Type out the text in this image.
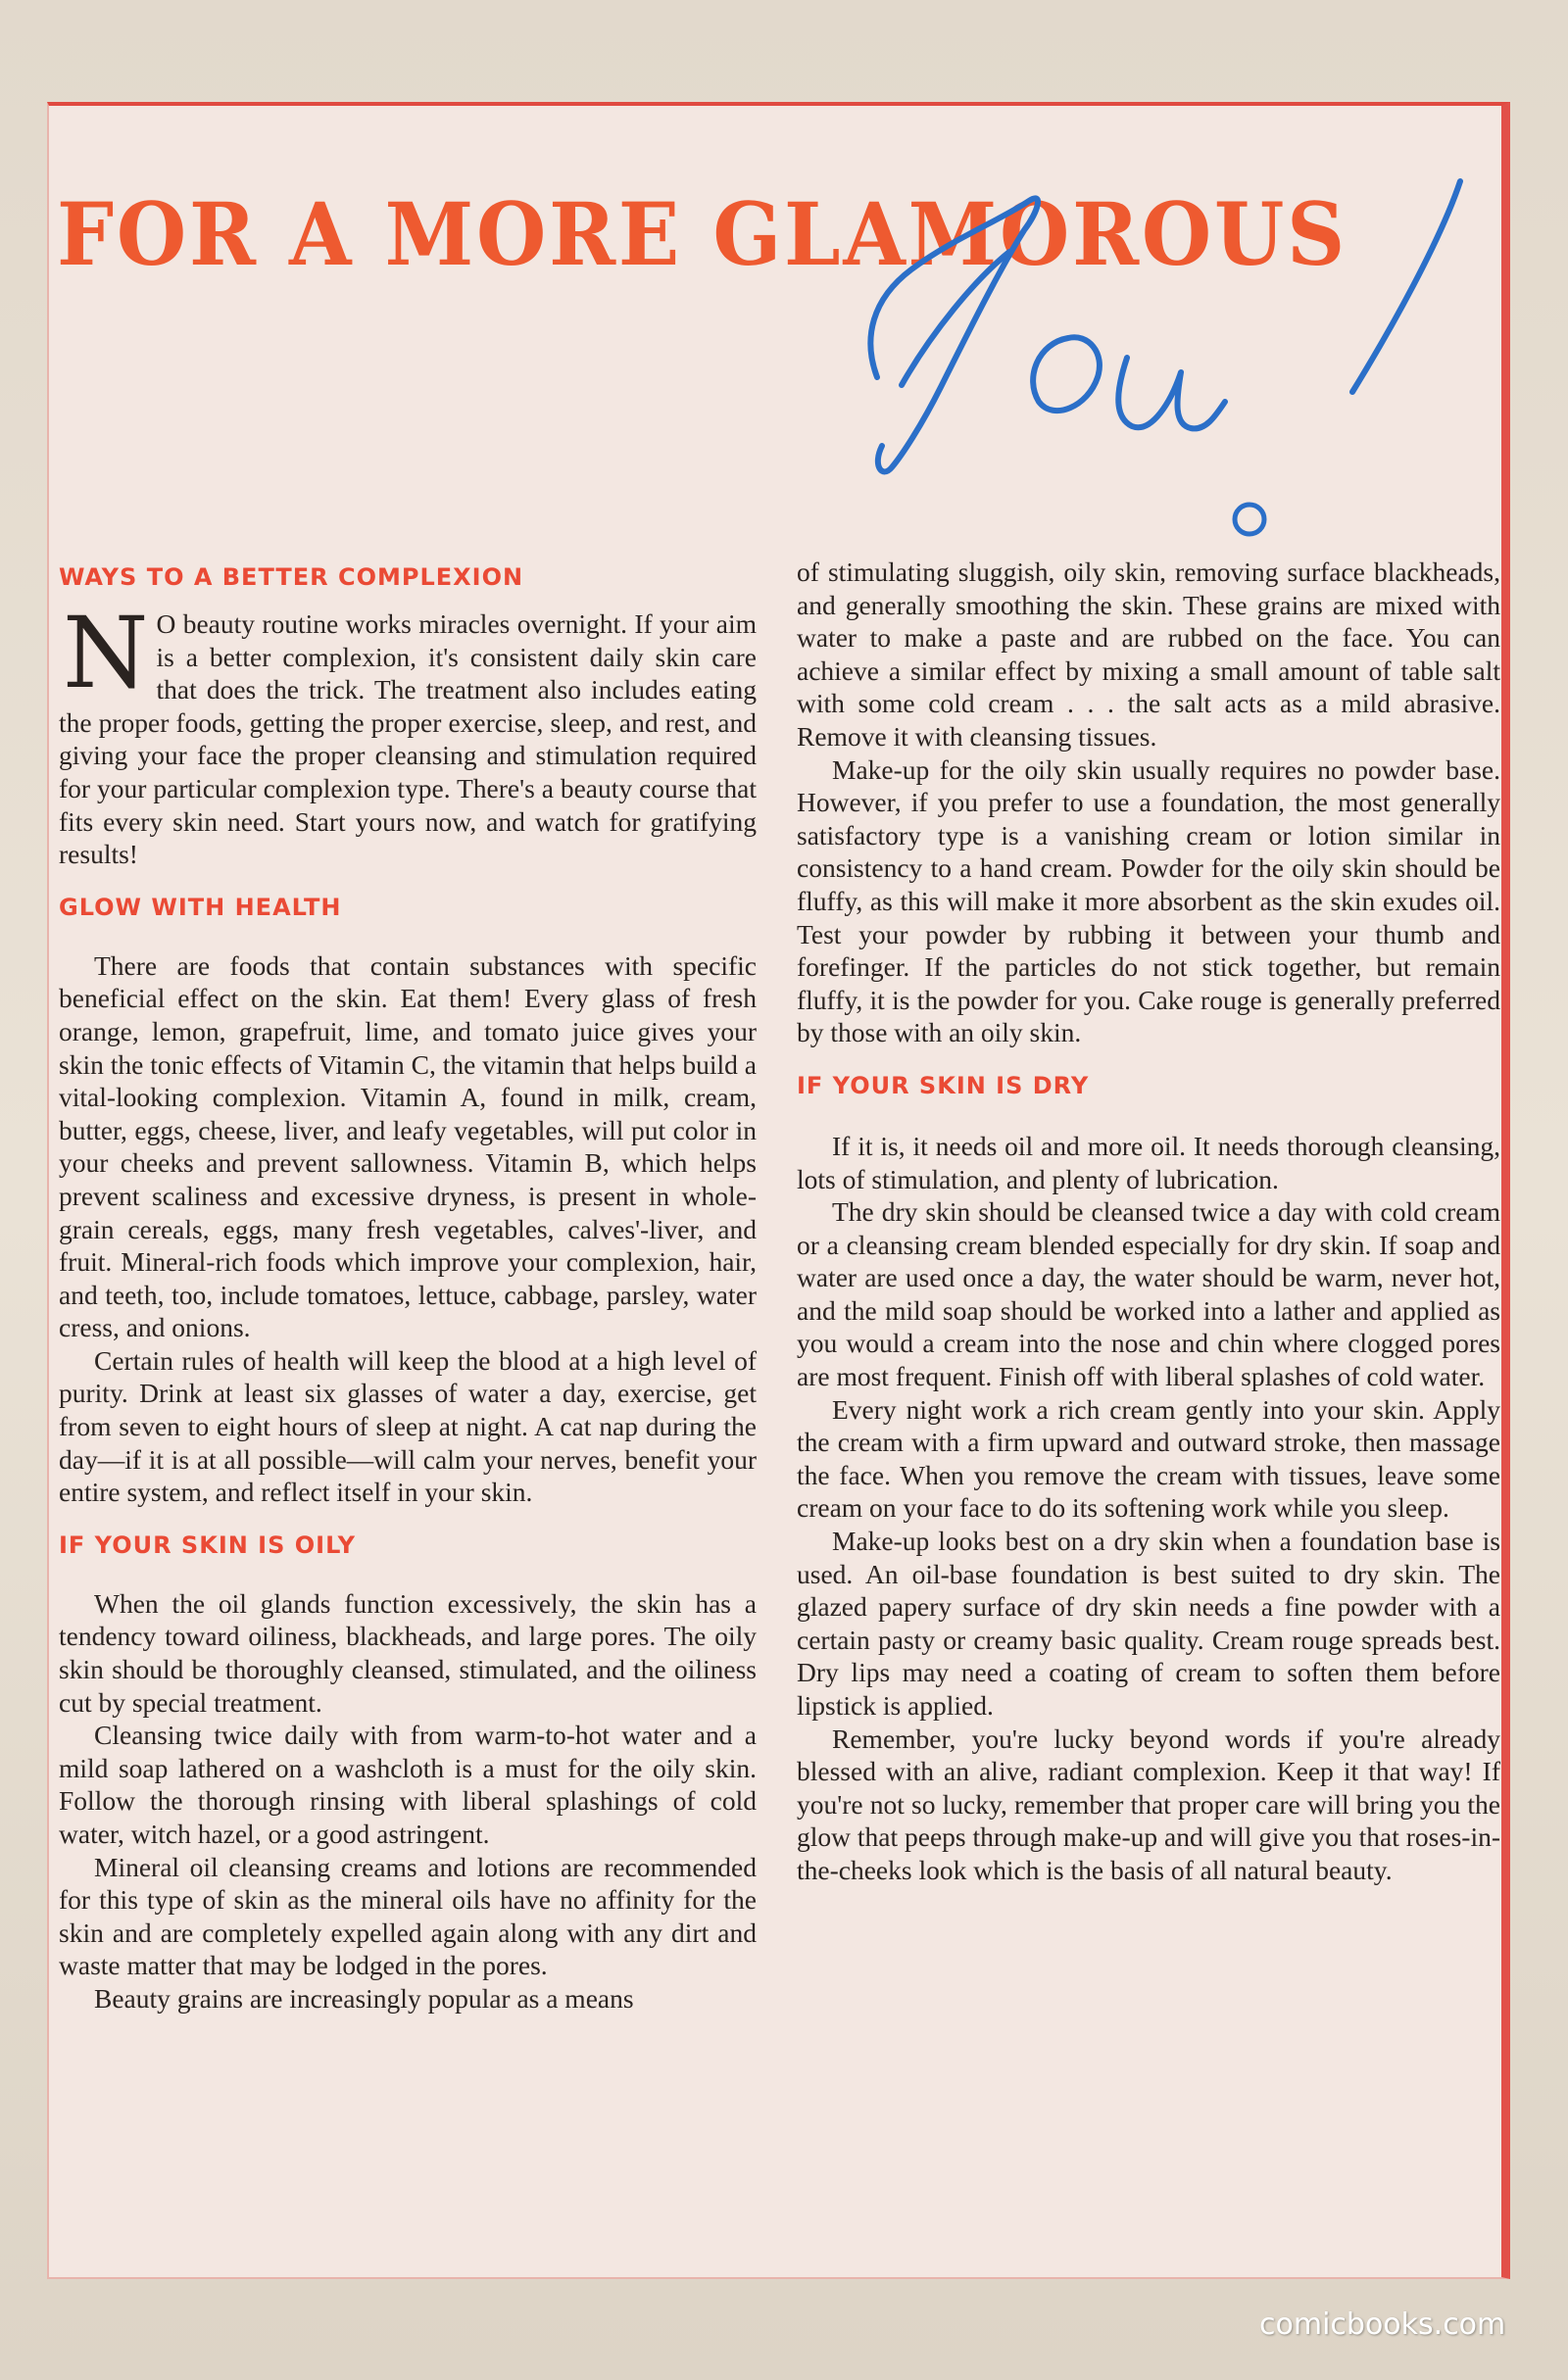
FOR A MORE GLAMOROUS
WAYS TO A BETTER COMPLEXION

N O beauty routine works miracles overnight. If your aim is a better complexion, it's consistent daily skin care that does the trick. The treatment also includes eating the proper foods, getting the proper exercise, sleep, and rest, and giving your face the proper cleansing and stimulation required for your particular complexion type. There's a beauty course that fits every skin need. Start yours now, and watch for gratifying results!

GLOW WITH HEALTH

There are foods that contain substances with specific beneficial effect on the skin. Eat them! Every glass of fresh orange, lemon, grapefruit, lime, and tomato juice gives your skin the tonic effects of Vitamin C, the vitamin that helps build a vital-looking complexion. Vitamin A, found in milk, cream, butter, eggs, cheese, liver, and leafy vegetables, will put color in your cheeks and prevent sallowness. Vitamin B, which helps prevent scaliness and excessive dryness, is present in whole-grain cereals, eggs, many fresh vegetables, calves'-liver, and fruit. Mineral-rich foods which improve your complexion, hair, and teeth, too, include tomatoes, lettuce, cabbage, parsley, water cress, and onions.

Certain rules of health will keep the blood at a high level of purity. Drink at least six glasses of water a day, exercise, get from seven to eight hours of sleep at night. A cat nap during the day—if it is at all possible—will calm your nerves, benefit your entire system, and reflect itself in your skin.

IF YOUR SKIN IS OILY

When the oil glands function excessively, the skin has a tendency toward oiliness, blackheads, and large pores. The oily skin should be thoroughly cleansed, stimulated, and the oiliness cut by special treatment.

Cleansing twice daily with from warm-to-hot water and a mild soap lathered on a washcloth is a must for the oily skin. Follow the thorough rinsing with liberal splashings of cold water, witch hazel, or a good astringent.

Mineral oil cleansing creams and lotions are recommended for this type of skin as the mineral oils have no affinity for the skin and are completely expelled again along with any dirt and waste matter that may be lodged in the pores.

Beauty grains are increasingly popular as a means

of stimulating sluggish, oily skin, removing surface blackheads, and generally smoothing the skin. These grains are mixed with water to make a paste and are rubbed on the face. You can achieve a similar effect by mixing a small amount of table salt with some cold cream . . . the salt acts as a mild abrasive. Remove it with cleansing tissues.

Make-up for the oily skin usually requires no powder base. However, if you prefer to use a foundation, the most generally satisfactory type is a vanishing cream or lotion similar in consistency to a hand cream. Powder for the oily skin should be fluffy, as this will make it more absorbent as the skin exudes oil. Test your powder by rubbing it between your thumb and forefinger. If the particles do not stick together, but remain fluffy, it is the powder for you. Cake rouge is generally preferred by those with an oily skin.

IF YOUR SKIN IS DRY

If it is, it needs oil and more oil. It needs thorough cleansing, lots of stimulation, and plenty of lubrication.

The dry skin should be cleansed twice a day with cold cream or a cleansing cream blended especially for dry skin. If soap and water are used once a day, the water should be warm, never hot, and the mild soap should be worked into a lather and applied as you would a cream into the nose and chin where clogged pores are most frequent. Finish off with liberal splashes of cold water.

Every night work a rich cream gently into your skin. Apply the cream with a firm upward and outward stroke, then massage the face. When you remove the cream with tissues, leave some cream on your face to do its softening work while you sleep.

Make-up looks best on a dry skin when a foundation base is used. An oil-base foundation is best suited to dry skin. The glazed papery surface of dry skin needs a fine powder with a certain pasty or creamy basic quality. Cream rouge spreads best. Dry lips may need a coating of cream to soften them before lipstick is applied.

Remember, you're lucky beyond words if you're already blessed with an alive, radiant complexion. Keep it that way! If you're not so lucky, remember that proper care will bring you the glow that peeps through make-up and will give you that roses-in-the-cheeks look which is the basis of all natural beauty.

comicbooks.com
